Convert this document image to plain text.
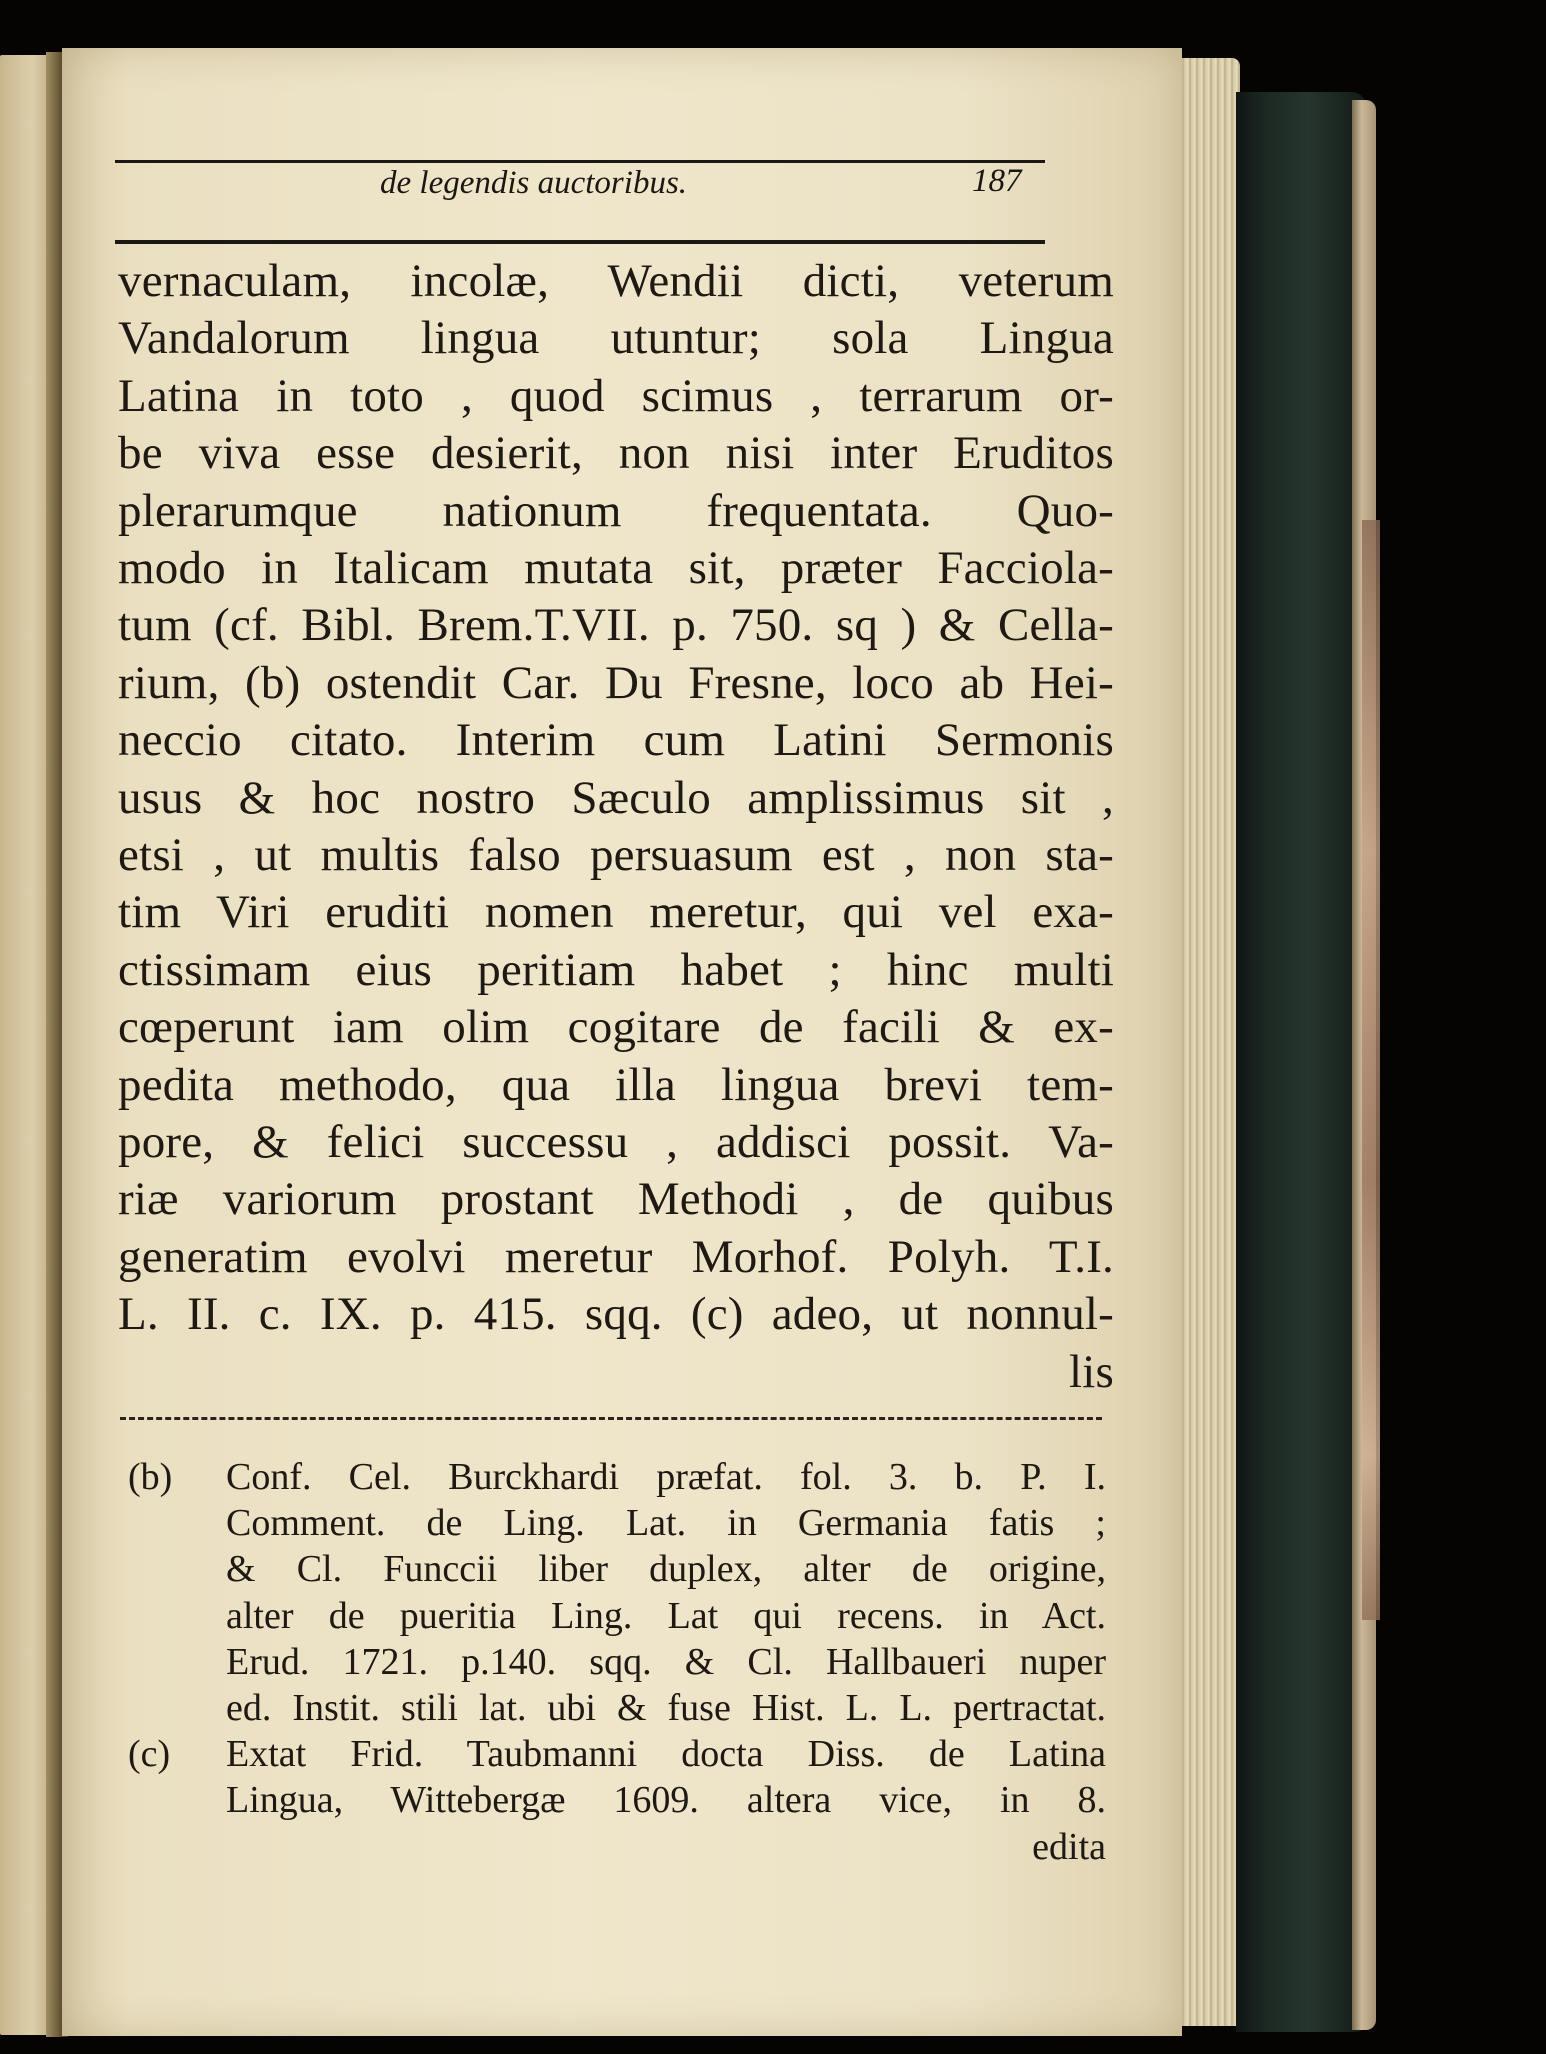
de legendis auctoribus.	187
vernaculam, incolæ, Wendii dicti, veterum
Vandalorum lingua utuntur; sola Lingua
Latina in toto , quod scimus , terrarum or-
be viva esse desierit, non nisi inter Eruditos
plerarumque nationum frequentata. Quo-
modo in Italicam mutata sit, præter Facciola-
tum (cf. Bibl. Brem.T.VII. p. 750. sq ) & Cella-
rium, (b) ostendit Car. Du Fresne, loco ab Hei-
neccio citato. Interim cum Latini Sermonis
usus & hoc nostro Sæculo amplissimus sit ,
etsi , ut multis falso persuasum est , non sta-
tim Viri eruditi nomen meretur, qui vel exa-
ctissimam eius peritiam habet ; hinc multi
cœperunt iam olim cogitare de facili & ex-
pedita methodo, qua illa lingua brevi tem-
pore, & felici successu , addisci possit. Va-
riæ variorum prostant Methodi , de quibus
generatim evolvi meretur Morhof. Polyh. T.I.
L. II. c. IX. p. 415. sqq. (c) adeo, ut nonnul-
lis
(b) Conf. Cel. Burckhardi præfat. fol. 3. b. P. I.
Comment. de Ling. Lat. in Germania fatis ;
& Cl. Funccii liber duplex, alter de origine,
alter de pueritia Ling. Lat qui recens. in Act.
Erud. 1721. p.140. sqq. & Cl. Hallbaueri nuper
ed. Instit. stili lat. ubi & fuse Hist. L. L. pertractat.
(c) Extat Frid. Taubmanni docta Diss. de Latina
Lingua, Wittebergæ 1609. altera vice, in 8.
edita
